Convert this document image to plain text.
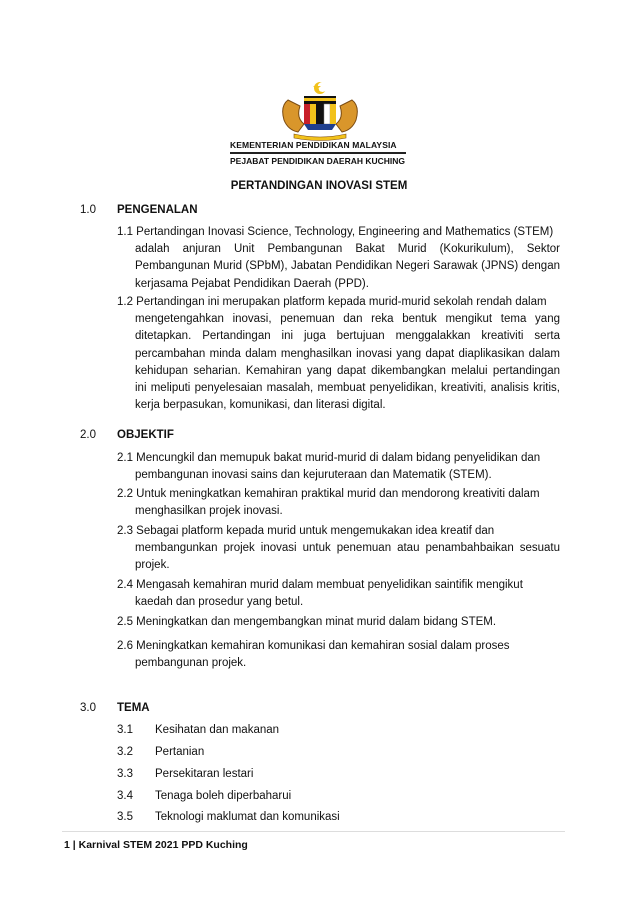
KEMENTERIAN PENDIDIKAN MALAYSIA
PEJABAT PENDIDIKAN DAERAH KUCHING
PERTANDINGAN INOVASI STEM
1.0 PENGENALAN
1.1 Pertandingan Inovasi Science, Technology, Engineering and Mathematics (STEM)
adalah anjuran Unit Pembangunan Bakat Murid (Kokurikulum), Sektor Pembangunan Murid (SPbM), Jabatan Pendidikan Negeri Sarawak (JPNS) dengan kerjasama Pejabat Pendidikan Daerah (PPD).
1.2 Pertandingan ini merupakan platform kepada murid-murid sekolah rendah dalam
mengetengahkan inovasi, penemuan dan reka bentuk mengikut tema yang ditetapkan. Pertandingan ini juga bertujuan menggalakkan kreativiti serta percambahan minda dalam menghasilkan inovasi yang dapat diaplikasikan dalam kehidupan seharian. Kemahiran yang dapat dikembangkan melalui pertandingan ini meliputi penyelesaian masalah, membuat penyelidikan, kreativiti, analisis kritis, kerja berpasukan, komunikasi, dan literasi digital.
2.0 OBJEKTIF
2.1 Mencungkil dan memupuk bakat murid-murid di dalam bidang penyelidikan dan
pembangunan inovasi sains dan kejuruteraan dan Matematik (STEM).
2.2 Untuk meningkatkan kemahiran praktikal murid dan mendorong kreativiti dalam
menghasilkan projek inovasi.
2.3 Sebagai platform kepada murid untuk mengemukakan idea kreatif dan
membangunkan projek inovasi untuk penemuan atau penambahbaikan sesuatu projek.
2.4 Mengasah kemahiran murid dalam membuat penyelidikan saintifik mengikut
kaedah dan prosedur yang betul.
2.5 Meningkatkan dan mengembangkan minat murid dalam bidang STEM.
2.6 Meningkatkan kemahiran komunikasi dan kemahiran sosial dalam proses
pembangunan projek.
3.0 TEMA
3.1 Kesihatan dan makanan
3.2 Pertanian
3.3 Persekitaran lestari
3.4 Tenaga boleh diperbaharui
3.5 Teknologi maklumat dan komunikasi
1 | Karnival STEM 2021 PPD Kuching
